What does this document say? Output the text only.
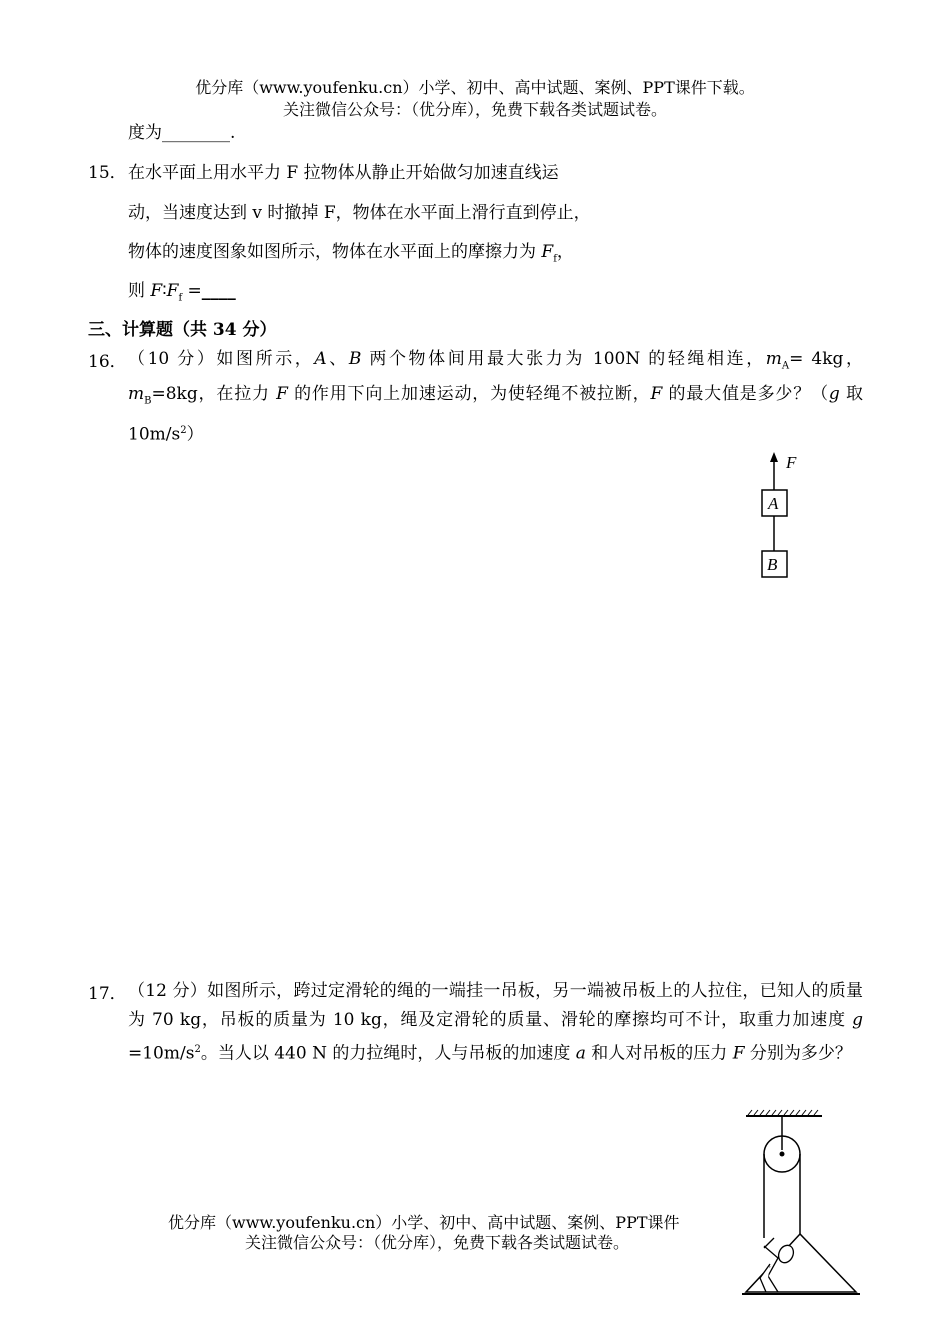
优分库（www.youfenku.cn）小学、初中、高中试题、案例、PPT课件下载。
关注微信公众号：（优分库），免费下载各类试题试卷。
度为________.
15． 在水平面上用水平力 F 拉物体从静止开始做匀加速直线运
动，当速度达到 v 时撤掉 F，物体在水平面上滑行直到停止，
物体的速度图象如图所示，物体在水平面上的摩擦力为 $F_f$，
则 $F∶F_f$ =____
三、计算题（共 34 分）
16． （10 分）如图所示，A、B 两个物体间用最大张力为 100N 的轻绳相连，$m_A= 4kg$，$m_B=8kg$，在拉力 F 的作用下向上加速运动，为使轻绳不被拉断，F 的最大值是多少？（g 取 $10m/s^2$）
F
A
B
17． （12 分）如图所示，跨过定滑轮的绳的一端挂一吊板，另一端被吊板上的人拉住，已知人的质量为 70 kg，吊板的质量为 10 kg，绳及定滑轮的质量、滑轮的摩擦均可不计，取重力加速度 $g =10m/s^2$。当人以 440 N 的力拉绳时，人与吊板的加速度 a 和人对吊板的压力 F 分别为多少？
优分库（www.youfenku.cn）小学、初中、高中试题、案例、PPT课件
关注微信公众号：（优分库），免费下载各类试题试卷。
